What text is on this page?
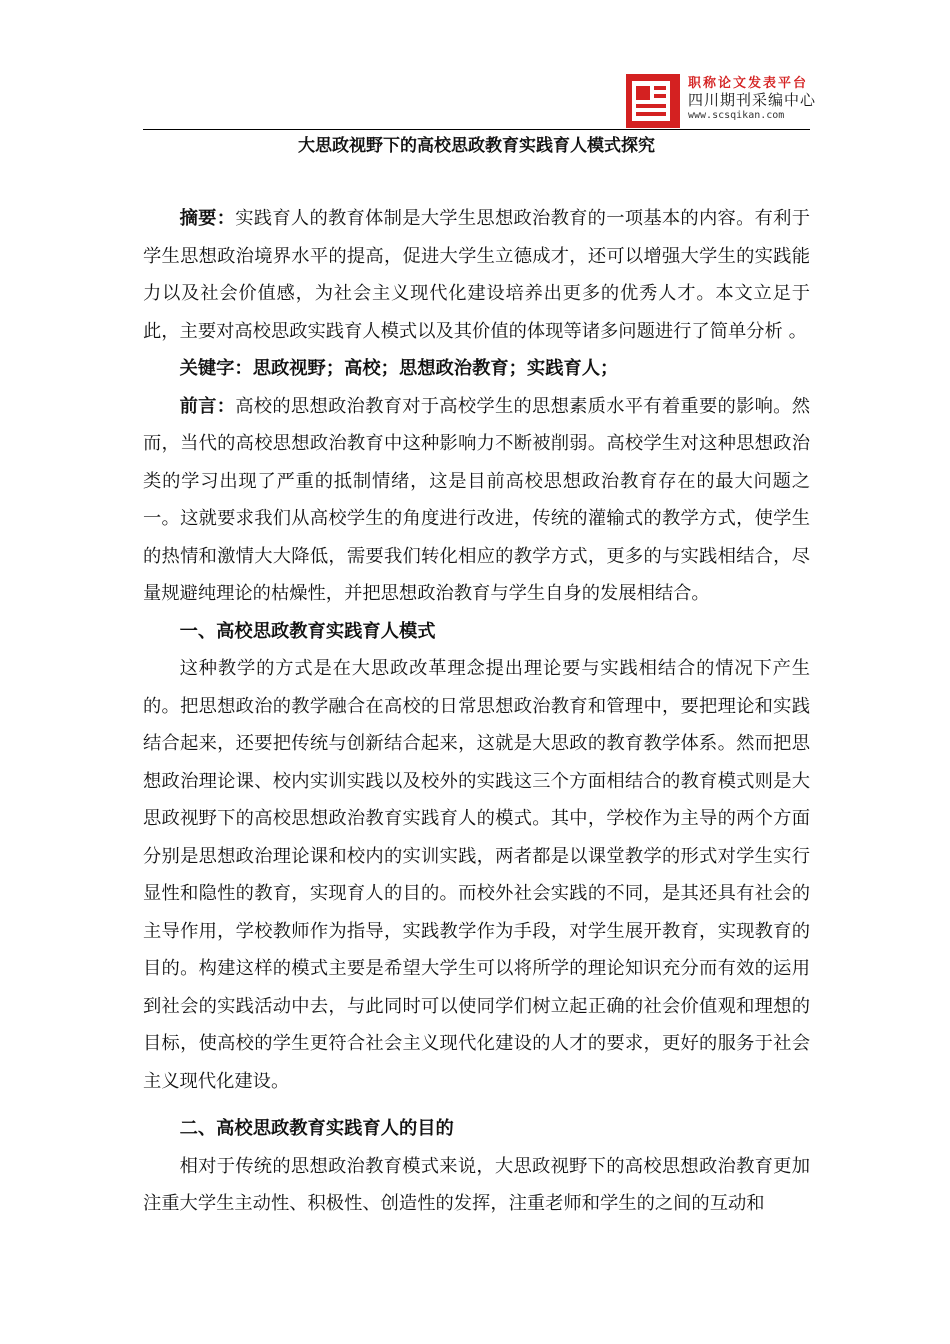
职称论文发表平台
四川期刊采编中心
www.scsqikan.com
大思政视野下的高校思政教育实践育人模式探究

摘要：实践育人的教育体制是大学生思想政治教育的一项基本的内容。有利于学生思想政治境界水平的提高，促进大学生立德成才，还可以增强大学生的实践能力以及社会价值感，为社会主义现代化建设培养出更多的优秀人才。本文立足于此，主要对高校思政实践育人模式以及其价值的体现等诸多问题进行了简单分析 。

关键字：思政视野；高校；思想政治教育；实践育人；

前言：高校的思想政治教育对于高校学生的思想素质水平有着重要的影响。然而，当代的高校思想政治教育中这种影响力不断被削弱。高校学生对这种思想政治类的学习出现了严重的抵制情绪，这是目前高校思想政治教育存在的最大问题之一。这就要求我们从高校学生的角度进行改进，传统的灌输式的教学方式，使学生的热情和激情大大降低，需要我们转化相应的教学方式，更多的与实践相结合，尽量规避纯理论的枯燥性，并把思想政治教育与学生自身的发展相结合。

一、高校思政教育实践育人模式

这种教学的方式是在大思政改革理念提出理论要与实践相结合的情况下产生的。把思想政治的教学融合在高校的日常思想政治教育和管理中，要把理论和实践结合起来，还要把传统与创新结合起来，这就是大思政的教育教学体系。然而把思想政治理论课、校内实训实践以及校外的实践这三个方面相结合的教育模式则是大思政视野下的高校思想政治教育实践育人的模式。其中，学校作为主导的两个方面分别是思想政治理论课和校内的实训实践，两者都是以课堂教学的形式对学生实行显性和隐性的教育，实现育人的目的。而校外社会实践的不同，是其还具有社会的主导作用，学校教师作为指导，实践教学作为手段，对学生展开教育，实现教育的目的。构建这样的模式主要是希望大学生可以将所学的理论知识充分而有效的运用到社会的实践活动中去，与此同时可以使同学们树立起正确的社会价值观和理想的目标，使高校的学生更符合社会主义现代化建设的人才的要求，更好的服务于社会主义现代化建设。

二、高校思政教育实践育人的目的

相对于传统的思想政治教育模式来说，大思政视野下的高校思想政治教育更加注重大学生主动性、积极性、创造性的发挥，注重老师和学生的之间的互动和
